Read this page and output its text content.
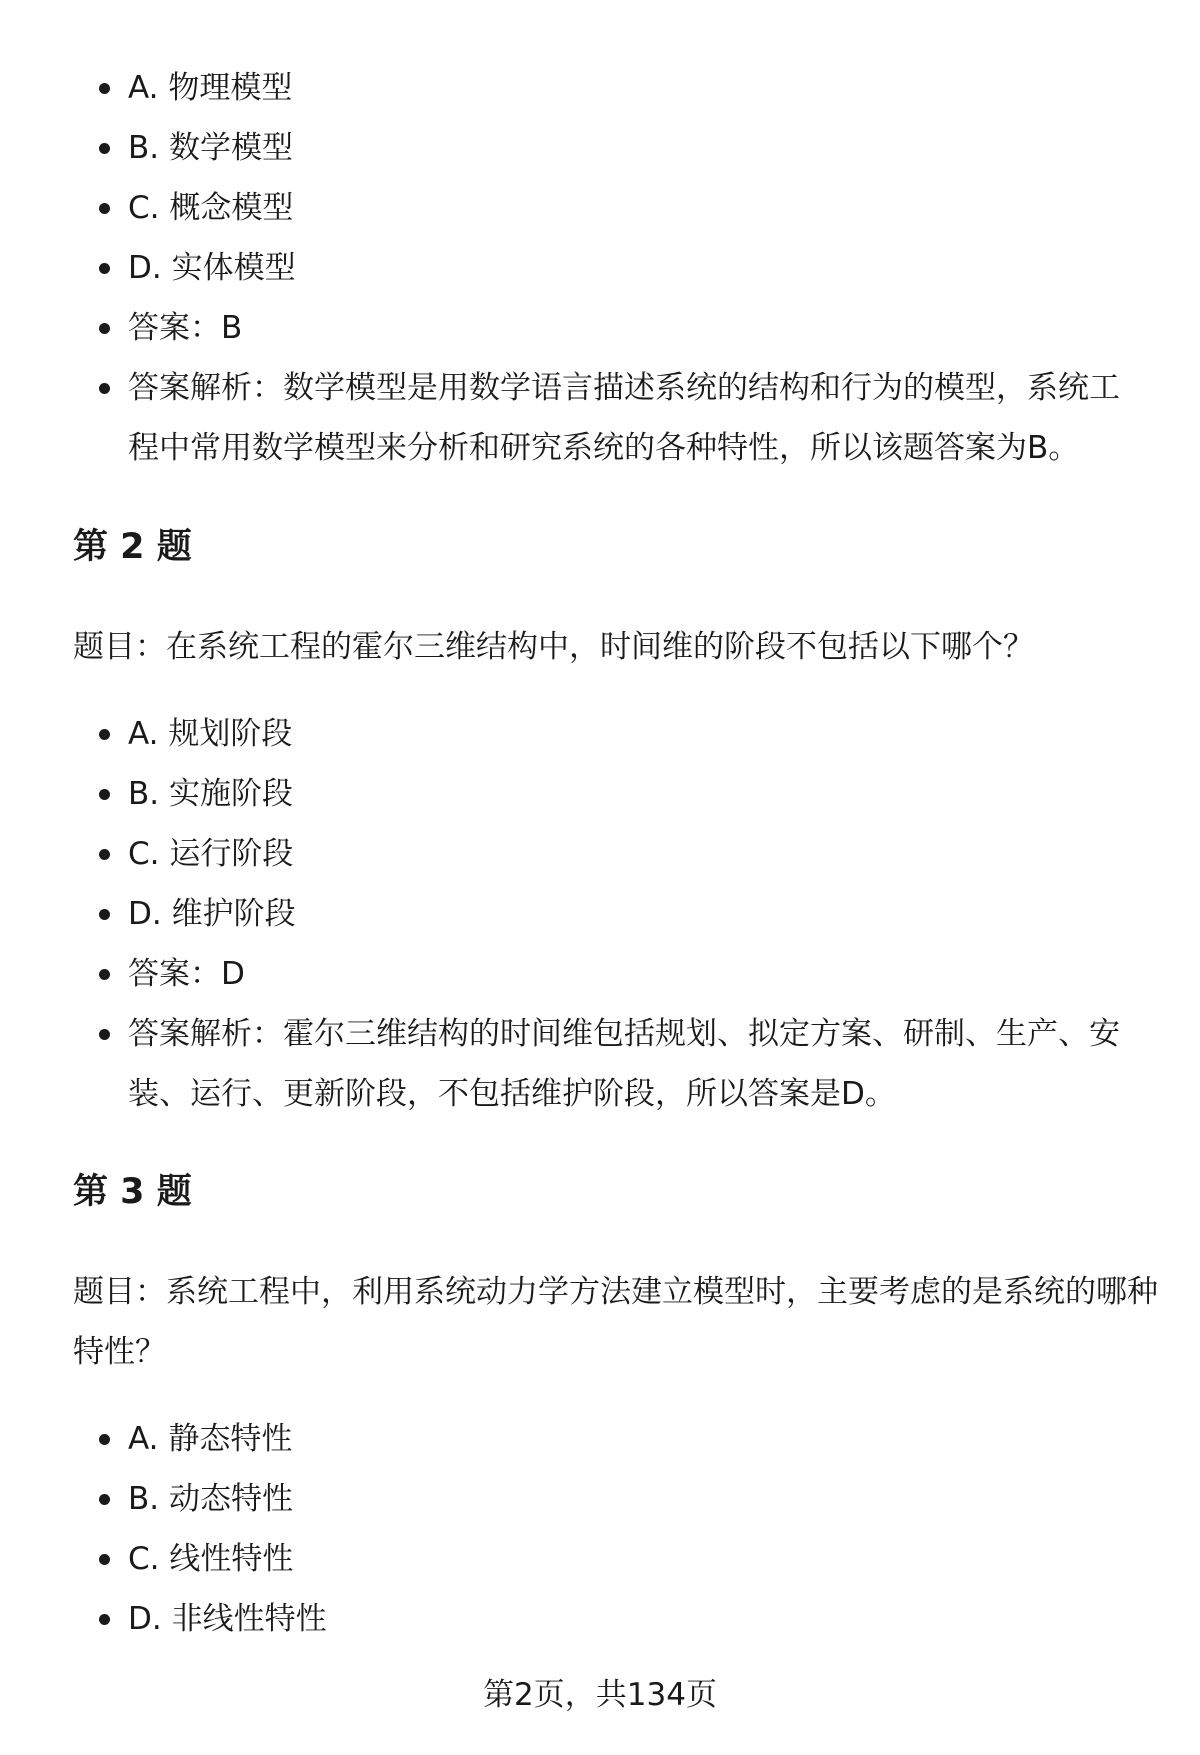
A. 物理模型
B. 数学模型
C. 概念模型
D. 实体模型
答案：B
答案解析：数学模型是用数学语言描述系统的结构和行为的模型，系统工程中常用数学模型来分析和研究系统的各种特性，所以该题答案为B。
第 2 题

题目：在系统工程的霍尔三维结构中，时间维的阶段不包括以下哪个？

A. 规划阶段
B. 实施阶段
C. 运行阶段
D. 维护阶段
答案：D
答案解析：霍尔三维结构的时间维包括规划、拟定方案、研制、生产、安装、运行、更新阶段，不包括维护阶段，所以答案是D。
第 3 题

题目：系统工程中，利用系统动力学方法建立模型时，主要考虑的是系统的哪种特性？

A. 静态特性
B. 动态特性
C. 线性特性
D. 非线性特性
第2页，共134页
